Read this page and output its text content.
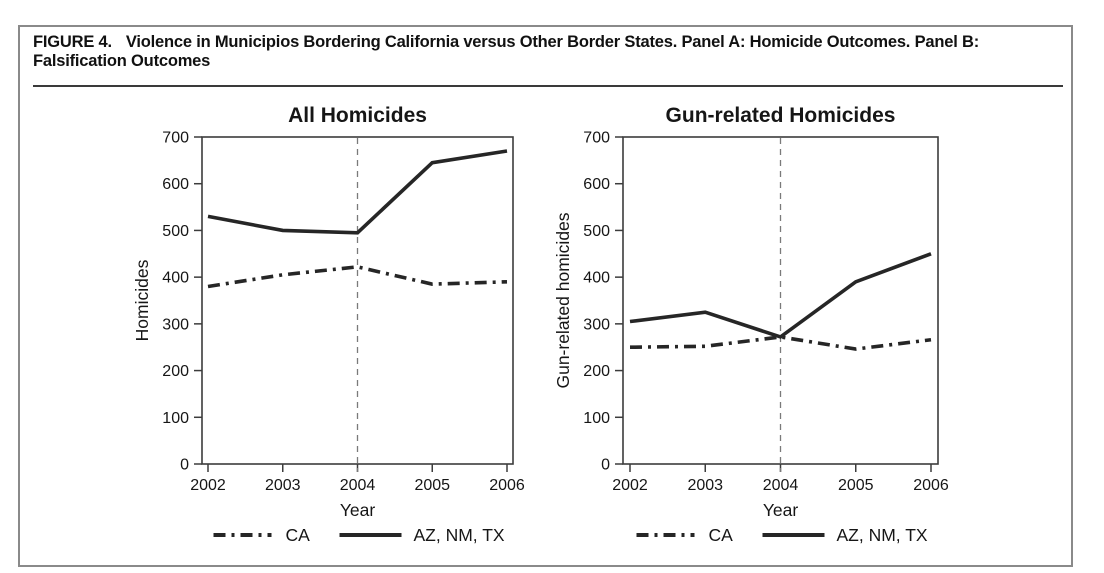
FIGURE 4. Violence in Municipios Bordering California versus Other Border States. Panel A: Homicide Outcomes. Panel B: Falsification Outcomes
All Homicides
0
100
200
300
400
500
600
700
2002 2003 2004 2005 2006
Homicides
Year
CA	AZ, NM, TX
Gun-related Homicides
0
100
200
300
400
500
600
700
2002 2003 2004 2005 2006
Gun-related homicides
Year
CA	AZ, NM, TX
